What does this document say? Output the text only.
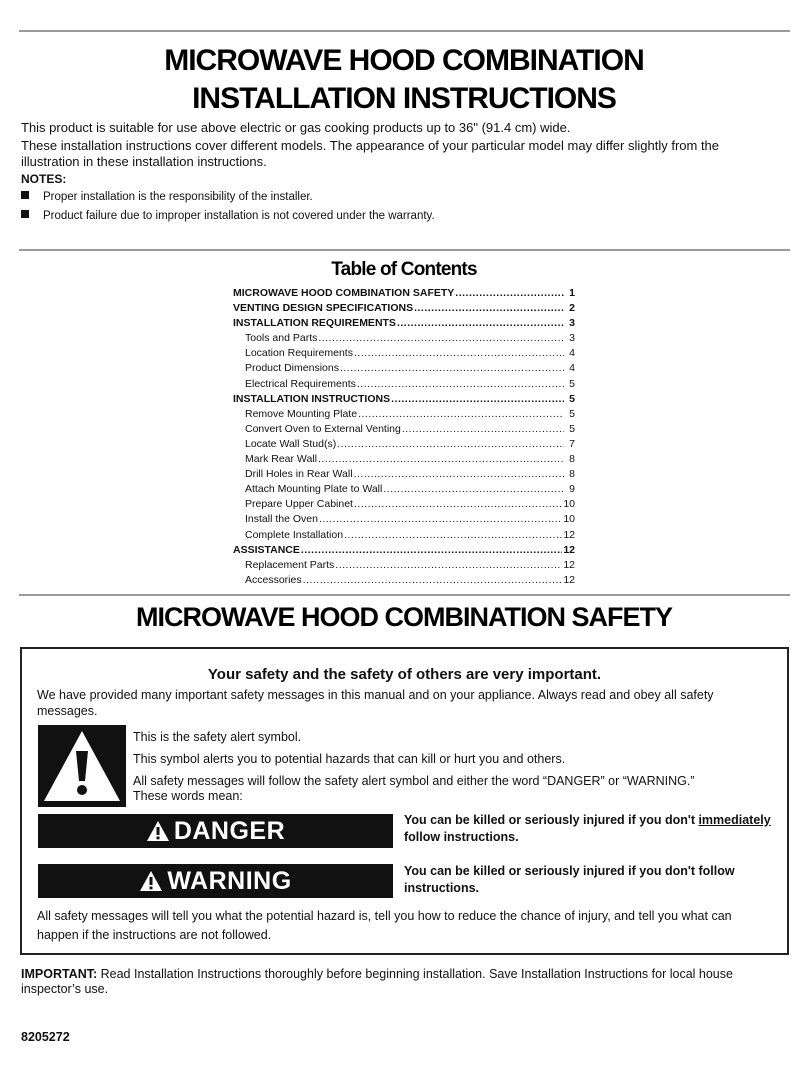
MICROWAVE HOOD COMBINATION
INSTALLATION INSTRUCTIONS
This product is suitable for use above electric or gas cooking products up to 36" (91.4 cm) wide.
These installation instructions cover different models. The appearance of your particular model may differ slightly from the
illustration in these installation instructions.
NOTES:
Proper installation is the responsibility of the installer.
Product failure due to improper installation is not covered under the warranty.
Table of Contents
MICROWAVE HOOD COMBINATION SAFETY .....	1
VENTING DESIGN SPECIFICATIONS .....	2
INSTALLATION REQUIREMENTS .....	3
Tools and Parts .....	3
Location Requirements .....	4
Product Dimensions .....	4
Electrical Requirements .....	5
INSTALLATION INSTRUCTIONS .....	5
Remove Mounting Plate .....	5
Convert Oven to External Venting .....	5
Locate Wall Stud(s) .....	7
Mark Rear Wall .....	8
Drill Holes in Rear Wall .....	8
Attach Mounting Plate to Wall .....	9
Prepare Upper Cabinet .....	10
Install the Oven .....	10
Complete Installation .....	12
ASSISTANCE .....	12
Replacement Parts .....	12
Accessories .....	12
MICROWAVE HOOD COMBINATION SAFETY
Your safety and the safety of others are very important.
We have provided many important safety messages in this manual and on your appliance. Always read and obey all safety
messages.
This is the safety alert symbol.
This symbol alerts you to potential hazards that can kill or hurt you and others.
All safety messages will follow the safety alert symbol and either the word “DANGER” or “WARNING.”
These words mean:
DANGER	You can be killed or seriously injured if you don't immediately
follow instructions.
WARNING	You can be killed or seriously injured if you don't follow
instructions.
All safety messages will tell you what the potential hazard is, tell you how to reduce the chance of injury, and tell you what can
happen if the instructions are not followed.
IMPORTANT: Read Installation Instructions thoroughly before beginning installation. Save Installation Instructions for local house
inspector’s use.
8205272
